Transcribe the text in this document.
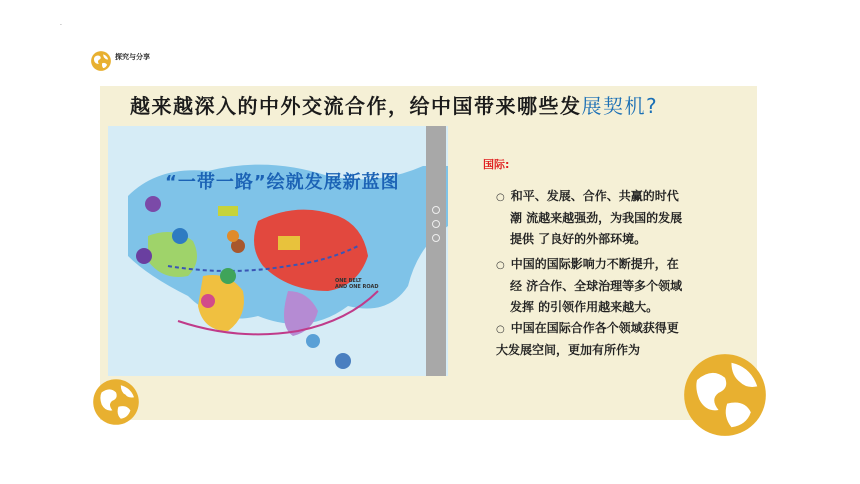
·
探究与分享
越来越深入的中外交流合作，给中国带来哪些发展契机?
“一带一路”绘就发展新蓝图
ONE BELT
AND ONE ROAD
国际:
○ 和平、发展、合作、共赢的时代
潮 流越来越强劲，为我国的发展
提供 了良好的外部环境。
○ 中国的国际影响力不断提升，在
经 济合作、全球治理等多个领域
发挥 的引领作用越来越大。
○ 中国在国际合作各个领域获得更
大发展空间，更加有所作为
